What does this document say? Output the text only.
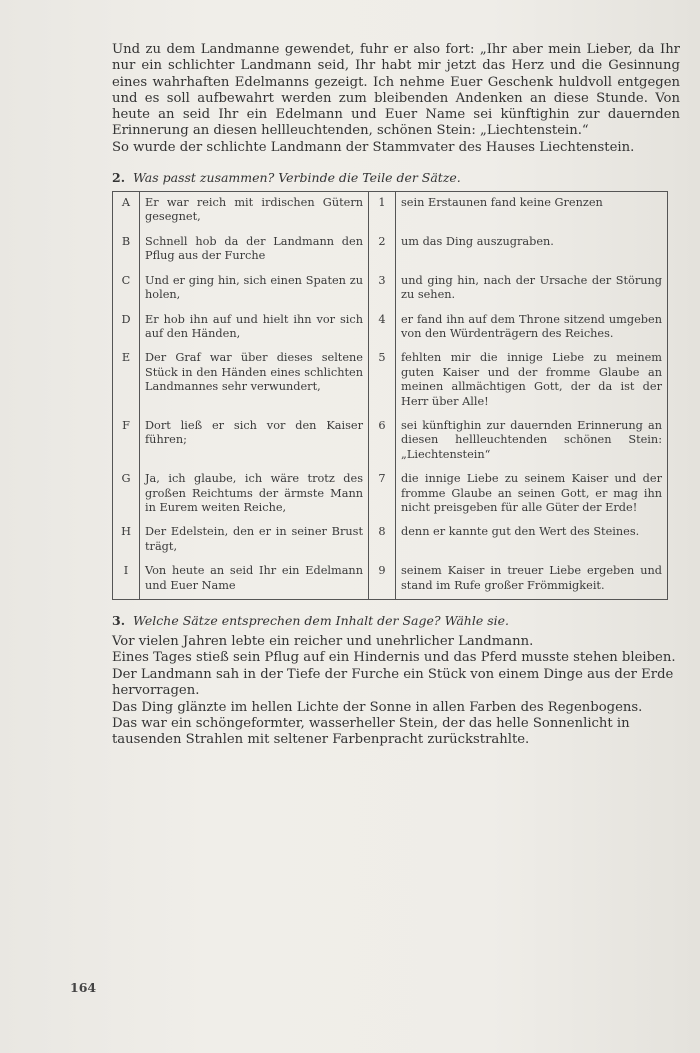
Und zu dem Landmanne gewendet, fuhr er also fort: „Ihr aber mein Lieber, da Ihr nur ein schlichter Landmann seid, Ihr habt mir jetzt das Herz und die Gesinnung eines wahrhaften Edelmanns gezeigt. Ich nehme Euer Geschenk huldvoll entgegen und es soll aufbewahrt werden zum bleibenden Andenken an diese Stunde. Von heute an seid Ihr ein Edelmann und Euer Name sei künftighin zur dauernden Erinnerung an diesen hellleuchtenden, schönen Stein: „Liechtenstein.“

So wurde der schlichte Landmann der Stammvater des Hauses Liechtenstein.

2. Was passt zusammen? Verbinde die Teile der Sätze.
A	Er war reich mit irdischen Gütern gesegnet,	1	sein Erstaunen fand keine Grenzen
B	Schnell hob da der Landmann den Pflug aus der Furche	2	um das Ding auszugraben.
C	Und er ging hin, sich einen Spaten zu holen,	3	und ging hin, nach der Ursache der Störung zu sehen.
D	Er hob ihn auf und hielt ihn vor sich auf den Händen,	4	er fand ihn auf dem Throne sitzend umgeben von den Würdenträgern des Reiches.
E	Der Graf war über dieses seltene Stück in den Händen eines schlichten Landmannes sehr verwundert,	5	fehlten mir die innige Liebe zu meinem guten Kaiser und der fromme Glaube an meinen allmächtigen Gott, der da ist der Herr über Alle!
F	Dort ließ er sich vor den Kaiser führen;	6	sei künftighin zur dauernden Erinnerung an diesen hellleuchtenden schönen Stein: „Liechtenstein“
G	Ja, ich glaube, ich wäre trotz des großen Reichtums der ärmste Mann in Eurem weiten Reiche,	7	die innige Liebe zu seinem Kaiser und der fromme Glaube an seinen Gott, er mag ihn nicht preisgeben für alle Güter der Erde!
H	Der Edelstein, den er in seiner Brust trägt,	8	denn er kannte gut den Wert des Steines.
I	Von heute an seid Ihr ein Edelmann und Euer Name	9	seinem Kaiser in treuer Liebe ergeben und stand im Rufe großer Frömmigkeit.
3. Welche Sätze entsprechen dem Inhalt der Sage? Wähle sie.

Vor vielen Jahren lebte ein reicher und unehrlicher Landmann.

Eines Tages stieß sein Pflug auf ein Hindernis und das Pferd musste stehen bleiben.

Der Landmann sah in der Tiefe der Furche ein Stück von einem Dinge aus der Erde hervorragen.

Das Ding glänzte im hellen Lichte der Sonne in allen Farben des Regenbogens.

Das war ein schöngeformter, wasserheller Stein, der das helle Sonnenlicht in tausenden Strahlen mit seltener Farbenpracht zurückstrahlte.

164
